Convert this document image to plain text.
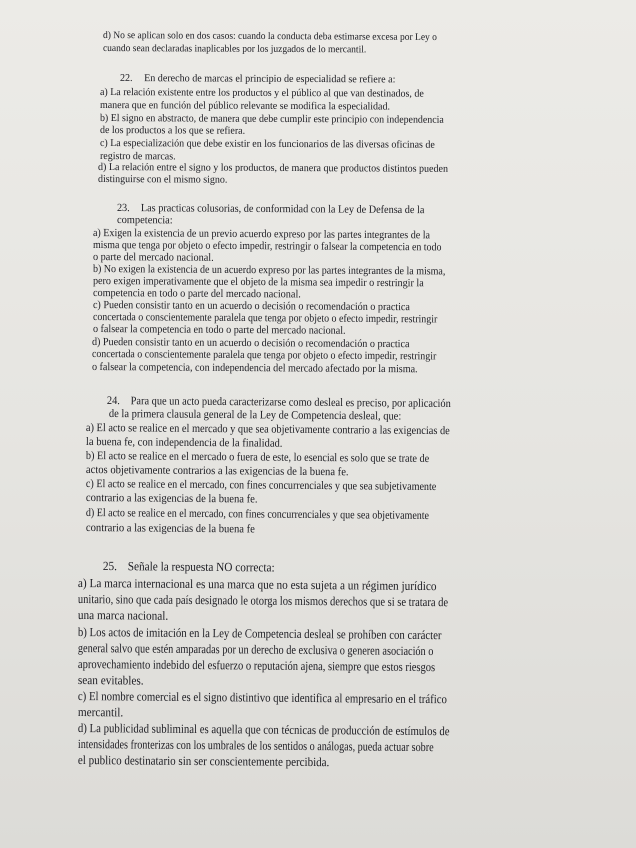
d) No se aplican solo en dos casos: cuando la conducta deba estimarse excesa por Ley o
cuando sean declaradas inaplicables por los juzgados de lo mercantil.
22. En derecho de marcas el principio de especialidad se refiere a:
a) La relación existente entre los productos y el público al que van destinados, de
manera que en función del público relevante se modifica la especialidad.
b) El signo en abstracto, de manera que debe cumplir este principio con independencia
de los productos a los que se refiera.
c) La especialización que debe existir en los funcionarios de las diversas oficinas de
registro de marcas.
d) La relación entre el signo y los productos, de manera que productos distintos pueden
distinguirse con el mismo signo.
23. Las practicas colusorias, de conformidad con la Ley de Defensa de la
competencia:
a) Exigen la existencia de un previo acuerdo expreso por las partes integrantes de la
misma que tenga por objeto o efecto impedir, restringir o falsear la competencia en todo
o parte del mercado nacional.
b) No exigen la existencia de un acuerdo expreso por las partes integrantes de la misma,
pero exigen imperativamente que el objeto de la misma sea impedir o restringir la
competencia en todo o parte del mercado nacional.
c) Pueden consistir tanto en un acuerdo o decisión o recomendación o practica
concertada o conscientemente paralela que tenga por objeto o efecto impedir, restringir
o falsear la competencia en todo o parte del mercado nacional.
d) Pueden consistir tanto en un acuerdo o decisión o recomendación o practica
concertada o conscientemente paralela que tenga por objeto o efecto impedir, restringir
o falsear la competencia, con independencia del mercado afectado por la misma.
24. Para que un acto pueda caracterizarse como desleal es preciso, por aplicación
de la primera clausula general de la Ley de Competencia desleal, que:
a) El acto se realice en el mercado y que sea objetivamente contrario a las exigencias de
la buena fe, con independencia de la finalidad.
b) El acto se realice en el mercado o fuera de este, lo esencial es solo que se trate de
actos objetivamente contrarios a las exigencias de la buena fe.
c) El acto se realice en el mercado, con fines concurrenciales y que sea subjetivamente
contrario a las exigencias de la buena fe.
d) El acto se realice en el mercado, con fines concurrenciales y que sea objetivamente
contrario a las exigencias de la buena fe
25. Señale la respuesta NO correcta:
a) La marca internacional es una marca que no esta sujeta a un régimen jurídico
unitario, sino que cada país designado le otorga los mismos derechos que si se tratara de
una marca nacional.
b) Los actos de imitación en la Ley de Competencia desleal se prohíben con carácter
general salvo que estén amparadas por un derecho de exclusiva o generen asociación o
aprovechamiento indebido del esfuerzo o reputación ajena, siempre que estos riesgos
sean evitables.
c) El nombre comercial es el signo distintivo que identifica al empresario en el tráfico
mercantil.
d) La publicidad subliminal es aquella que con técnicas de producción de estímulos de
intensidades fronterizas con los umbrales de los sentidos o análogas, pueda actuar sobre
el publico destinatario sin ser conscientemente percibida.
